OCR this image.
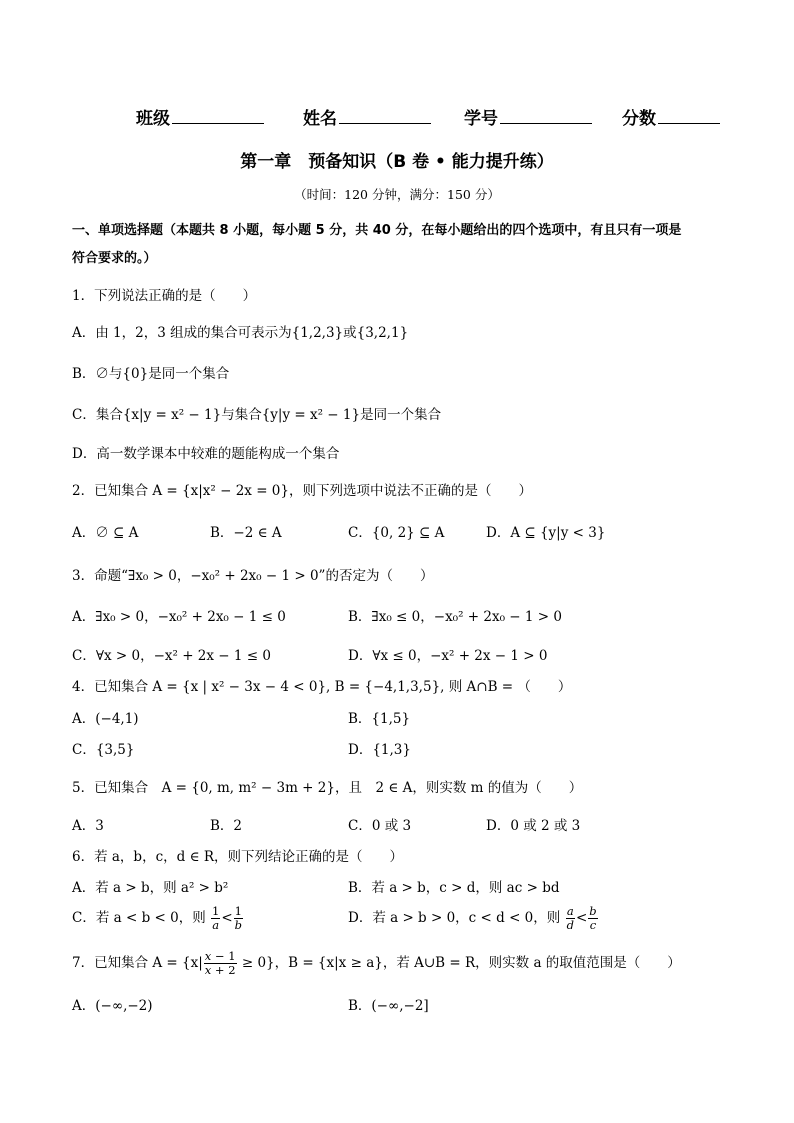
班级	姓名	学号	分数
第一章　预备知识（B 卷 • 能力提升练）
（时间：120 分钟，满分：150 分）
一、单项选择题（本题共 8 小题，每小题 5 分，共 40 分，在每小题给出的四个选项中，有且只有一项是
符合要求的。）
1．下列说法正确的是（　　）
A．由 1，2，3 组成的集合可表示为{1,2,3}或{3,2,1}
B．∅与{0}是同一个集合
C．集合{x|y = x² − 1}与集合{y|y = x² − 1}是同一个集合
D．高一数学课本中较难的题能构成一个集合
2．已知集合 A = {x|x² − 2x = 0}，则下列选项中说法不正确的是（　　）
A．∅ ⊆ A	B．−2 ∈ A	C．{0, 2} ⊆ A	D．A ⊆ {y|y < 3}
3．命题“∃x₀ > 0，−x₀² + 2x₀ − 1 > 0”的否定为（　　）
A．∃x₀ > 0，−x₀² + 2x₀ − 1 ≤ 0	B．∃x₀ ≤ 0，−x₀² + 2x₀ − 1 > 0
C．∀x > 0，−x² + 2x − 1 ≤ 0	D．∀x ≤ 0，−x² + 2x − 1 > 0
4．已知集合 A = {x | x² − 3x − 4 < 0}, B = {−4,1,3,5}, 则 A∩B = （　　）
A．(−4,1)	B．{1,5}
C．{3,5}	D．{1,3}
5．已知集合　A = {0, m, m² − 3m + 2}，且　2 ∈ A，则实数 m 的值为（　　）
A．3	B．2	C．0 或 3	D．0 或 2 或 3
6．若 a，b，c，d ∈ R，则下列结论正确的是（　　）
A．若 a > b，则 a² > b²	B．若 a > b，c > d，则 ac > bd
C．若 a < b < 0，则 $\frac{1}{a} < \frac{1}{b}$	D．若 a > b > 0，c < d < 0，则 $\frac{a}{d} < \frac{b}{c}$
7．已知集合 $A = \{x| \frac{x - 1}{x + 2} \ge 0\}$，B = {x|x ≥ a}，若 A∪B = R，则实数 a 的取值范围是（　　）
A．(−∞,−2)	B．(−∞,−2]
